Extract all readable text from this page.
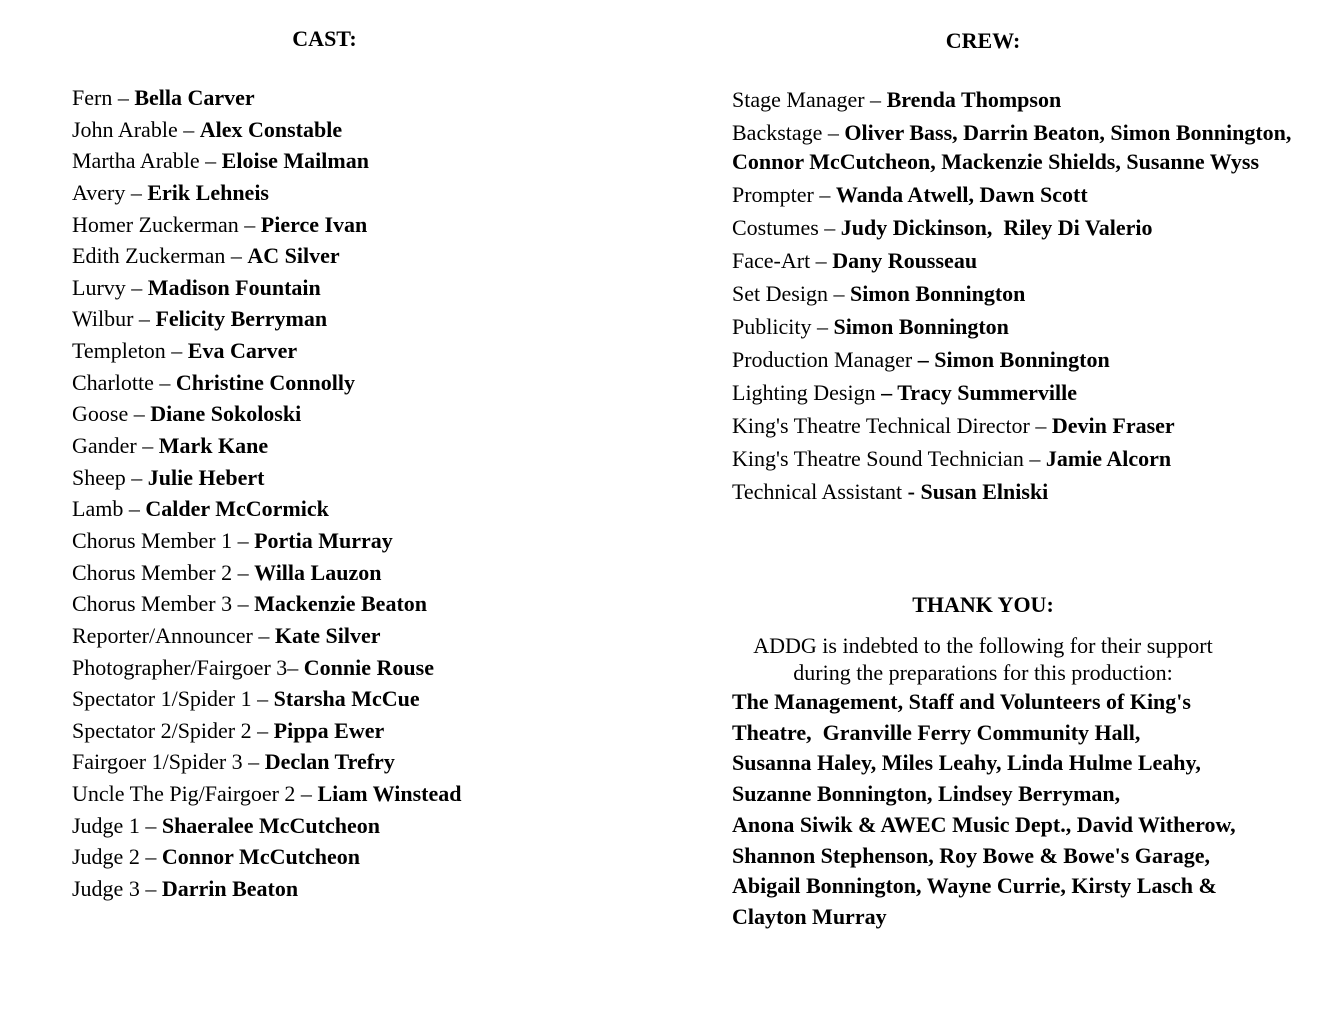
CAST:
Fern – Bella Carver
John Arable – Alex Constable
Martha Arable – Eloise Mailman
Avery – Erik Lehneis
Homer Zuckerman – Pierce Ivan
Edith Zuckerman – AC Silver
Lurvy – Madison Fountain
Wilbur – Felicity Berryman
Templeton – Eva Carver
Charlotte – Christine Connolly
Goose – Diane Sokoloski
Gander – Mark Kane
Sheep – Julie Hebert
Lamb – Calder McCormick
Chorus Member 1 – Portia Murray
Chorus Member 2 – Willa Lauzon
Chorus Member 3 – Mackenzie Beaton
Reporter/Announcer – Kate Silver
Photographer/Fairgoer 3– Connie Rouse
Spectator 1/Spider 1 – Starsha McCue
Spectator 2/Spider 2 – Pippa Ewer
Fairgoer 1/Spider 3 – Declan Trefry
Uncle The Pig/Fairgoer 2 – Liam Winstead
Judge 1 – Shaeralee McCutcheon
Judge 2 – Connor McCutcheon
Judge 3 – Darrin Beaton
CREW:
Stage Manager – Brenda Thompson
Backstage – Oliver Bass, Darrin Beaton, Simon Bonnington, Connor McCutcheon, Mackenzie Shields, Susanne Wyss
Prompter – Wanda Atwell, Dawn Scott
Costumes – Judy Dickinson,  Riley Di Valerio
Face-Art – Dany Rousseau
Set Design – Simon Bonnington
Publicity – Simon Bonnington
Production Manager – Simon Bonnington
Lighting Design – Tracy Summerville
King's Theatre Technical Director – Devin Fraser
King's Theatre Sound Technician – Jamie Alcorn
Technical Assistant - Susan Elniski
THANK YOU:
ADDG is indebted to the following for their support
during the preparations for this production:
The Management, Staff and Volunteers of King's
Theatre,  Granville Ferry Community Hall,
Susanna Haley, Miles Leahy, Linda Hulme Leahy,
Suzanne Bonnington, Lindsey Berryman,
Anona Siwik & AWEC Music Dept., David Witherow,
Shannon Stephenson, Roy Bowe & Bowe's Garage,
Abigail Bonnington, Wayne Currie, Kirsty Lasch &
Clayton Murray
